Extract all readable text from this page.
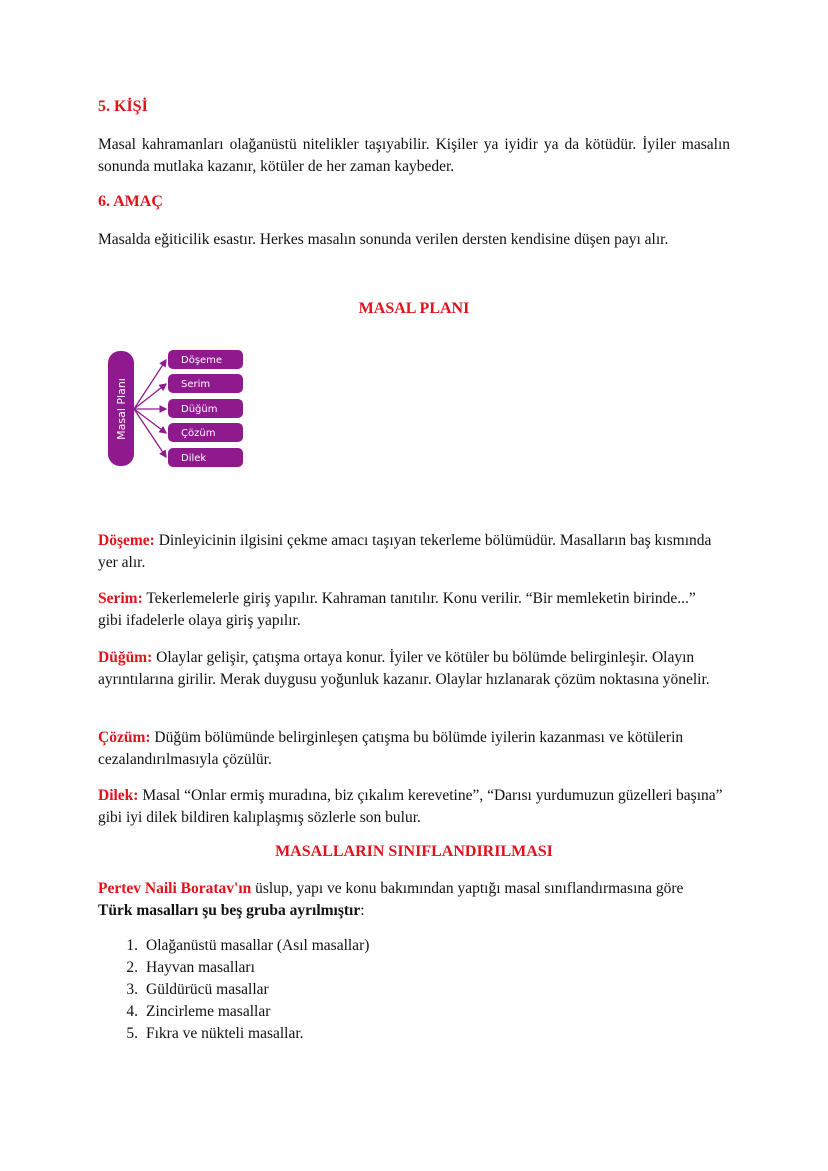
5. KİŞİ
Masal kahramanları olağanüstü nitelikler taşıyabilir. Kişiler ya iyidir ya da kötüdür. İyiler masalın sonunda mutlaka kazanır, kötüler de her zaman kaybeder.
6. AMAÇ
Masalda eğiticilik esastır. Herkes masalın sonunda verilen dersten kendisine düşen payı alır.
MASAL PLANI
Masal Planı
Döşeme
Serim
Düğüm
Çözüm
Dilek
Döşeme: Dinleyicinin ilgisini çekme amacı taşıyan tekerleme bölümüdür. Masalların baş kısmında yer alır.
Serim: Tekerlemelerle giriş yapılır. Kahraman tanıtılır. Konu verilir. “Bir memleketin birinde...” gibi ifadelerle olaya giriş yapılır.
Düğüm: Olaylar gelişir, çatışma ortaya konur. İyiler ve kötüler bu bölümde belirginleşir. Olayın ayrıntılarına girilir. Merak duygusu yoğunluk kazanır. Olaylar hızlanarak çözüm noktasına yönelir.
Çözüm: Düğüm bölümünde belirginleşen çatışma bu bölümde iyilerin kazanması ve kötülerin cezalandırılmasıyla çözülür.
Dilek: Masal “Onlar ermiş muradına, biz çıkalım kerevetine”, “Darısı yurdumuzun güzelleri başına” gibi iyi dilek bildiren kalıplaşmış sözlerle son bulur.
MASALLARIN SINIFLANDIRILMASI
Pertev Naili Boratav'ın üslup, yapı ve konu bakımından yaptığı masal sınıflandırmasına göre
Türk masalları şu beş gruba ayrılmıştır:
1. Olağanüstü masallar (Asıl masallar)
2. Hayvan masalları
3. Güldürücü masallar
4. Zincirleme masallar
5. Fıkra ve nükteli masallar.
